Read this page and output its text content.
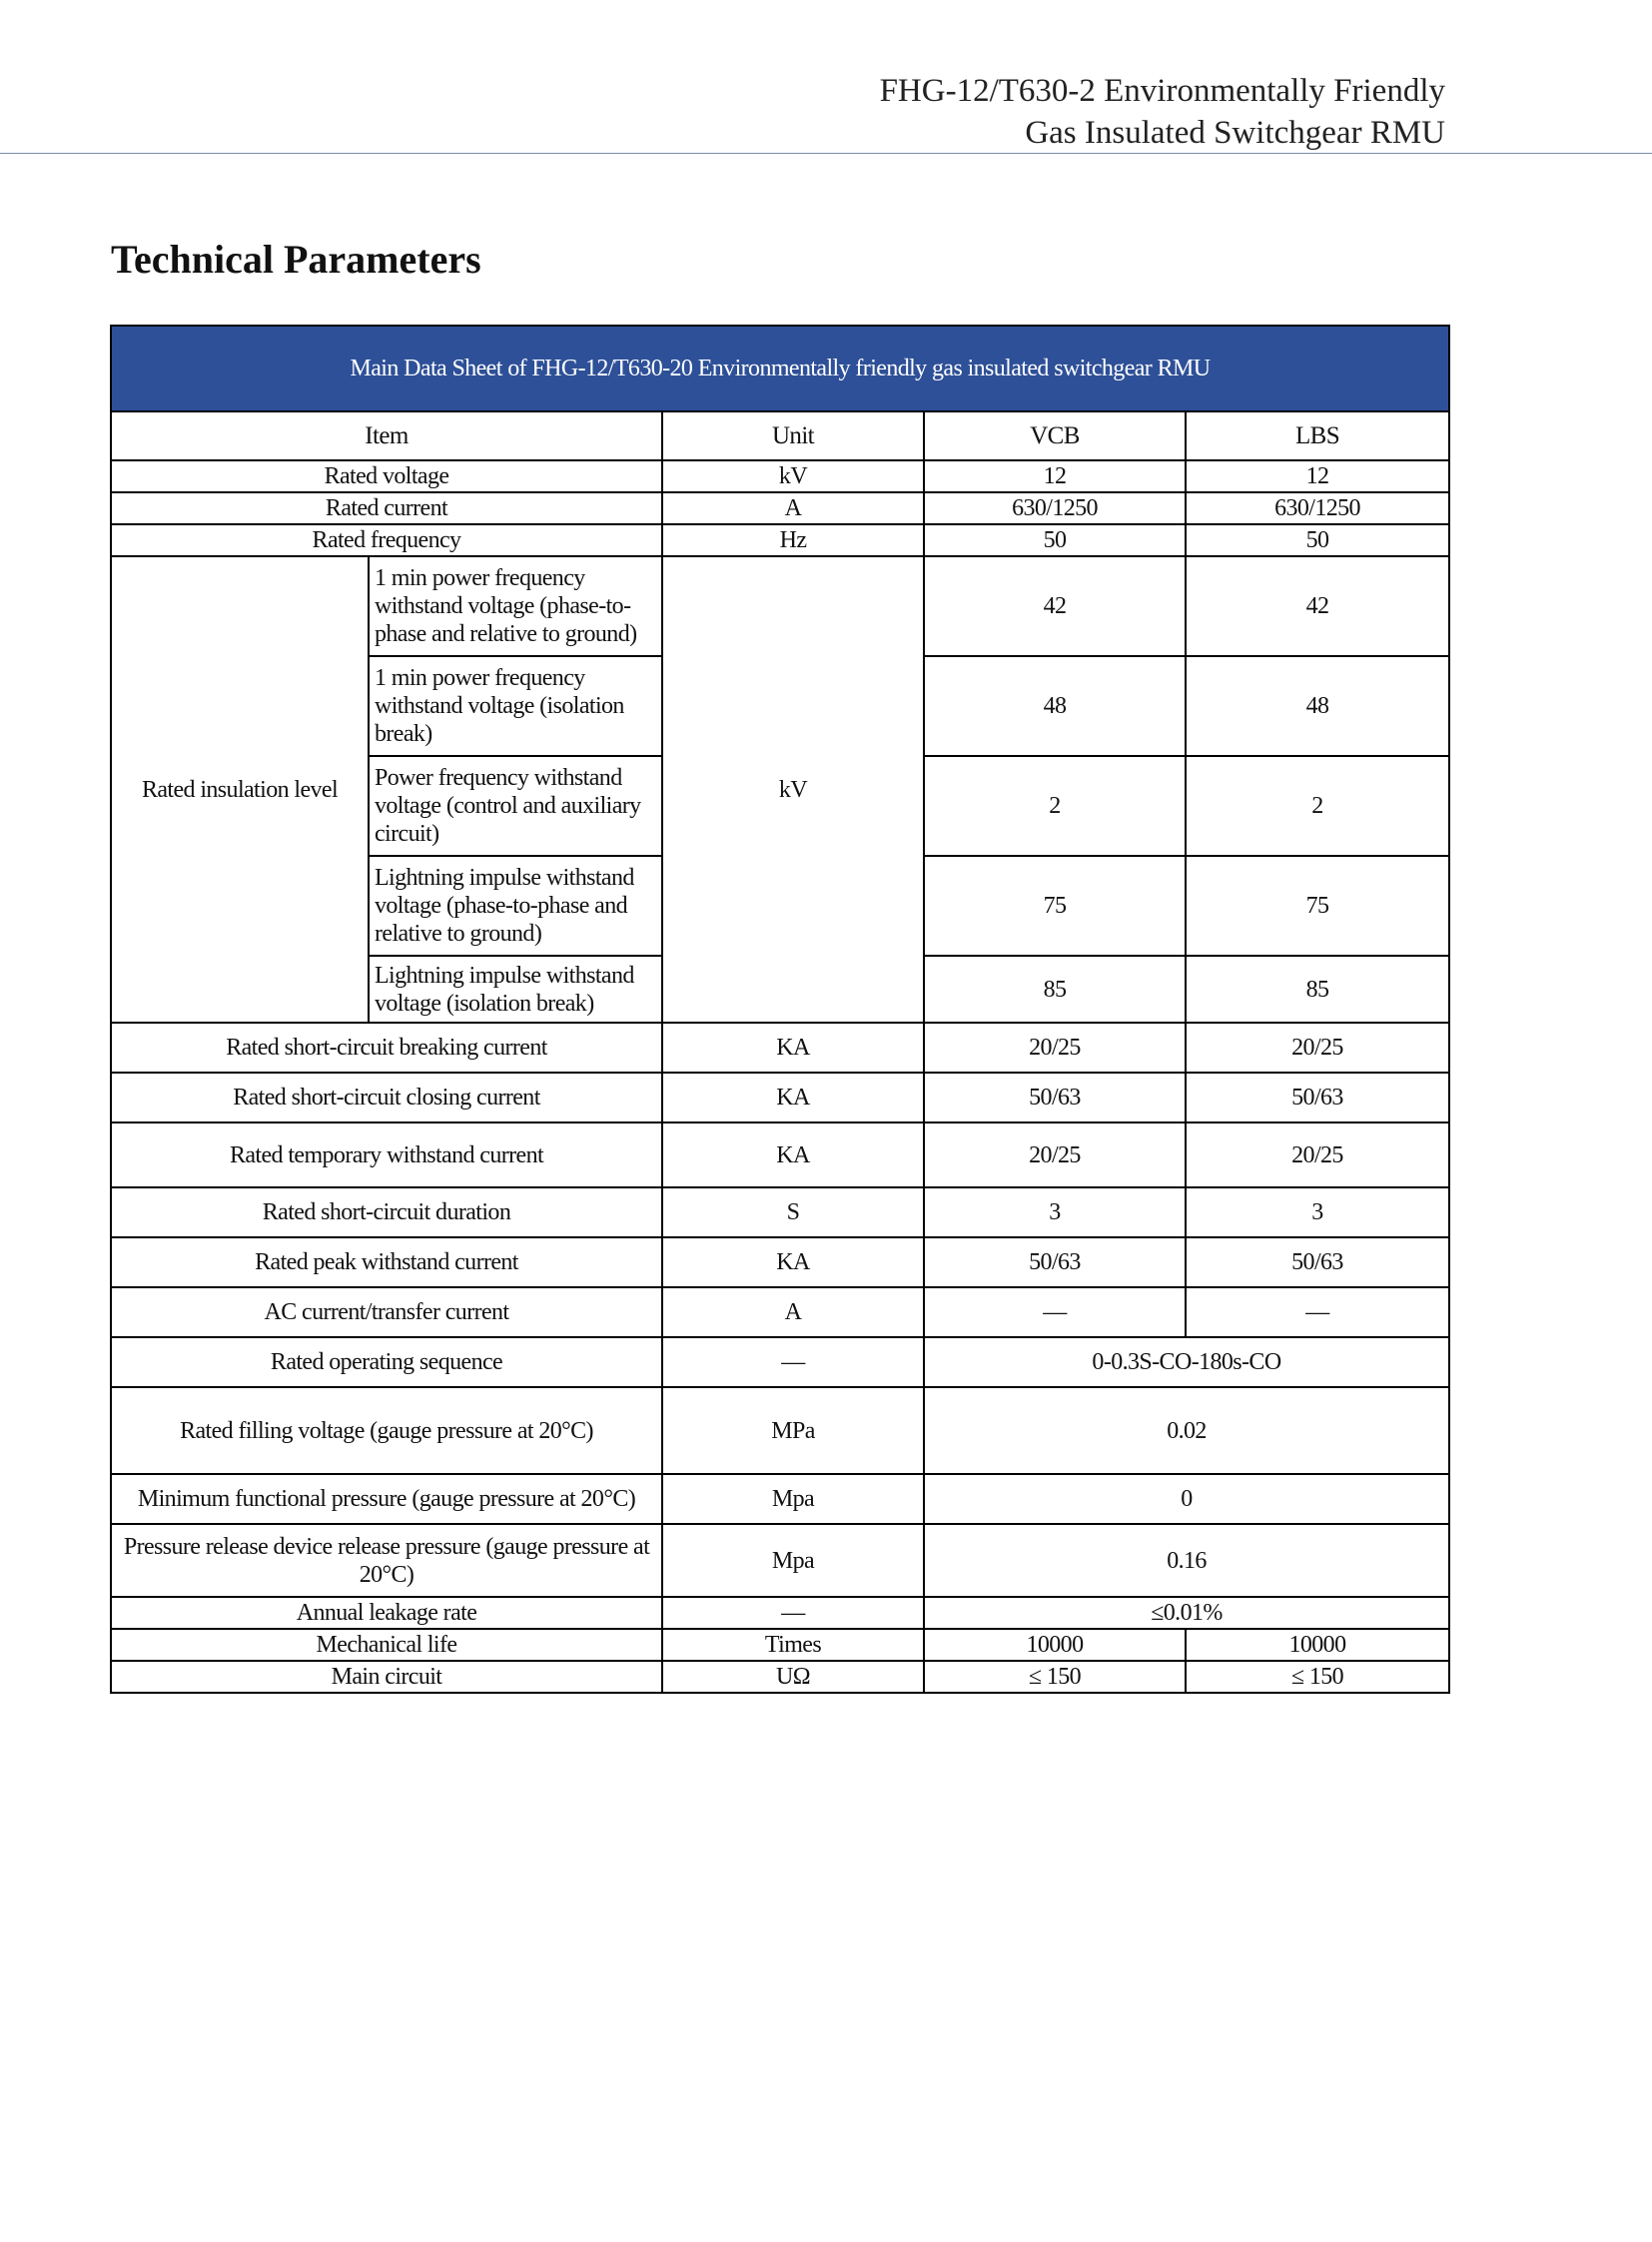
FHG-12/T630-2 Environmentally Friendly
Gas Insulated Switchgear RMU
Technical Parameters
Main Data Sheet of FHG-12/T630-20 Environmentally friendly gas insulated switchgear RMU				
Item		Unit	VCB	LBS
Rated voltage		kV	12	12
Rated current		A	630/1250	630/1250
Rated frequency		Hz	50	50
Rated insulation level	1 min power frequency withstand voltage (phase-to-phase and relative to ground)	kV	42	42
	1 min power frequency withstand voltage (isolation break)		48	48
	Power frequency withstand voltage (control and auxiliary circuit)		2	2
	Lightning impulse withstand voltage (phase-to-phase and relative to ground)		75	75
	Lightning impulse withstand voltage (isolation break)		85	85
Rated short-circuit breaking current		KA	20/25	20/25
Rated short-circuit closing current		KA	50/63	50/63
Rated temporary withstand current		KA	20/25	20/25
Rated short-circuit duration		S	3	3
Rated peak withstand current		KA	50/63	50/63
AC current/transfer current		A	—	—
Rated operating sequence		—	0-0.3S-CO-180s-CO	
Rated filling voltage (gauge pressure at 20°C)		MPa	0.02	
Minimum functional pressure (gauge pressure at 20°C)		Mpa	0	
Pressure release device release pressure (gauge pressure at 20°C)		Mpa	0.16	
Annual leakage rate		—	≤0.01%	
Mechanical life		Times	10000	10000
Main circuit		UΩ	≤ 150	≤ 150
